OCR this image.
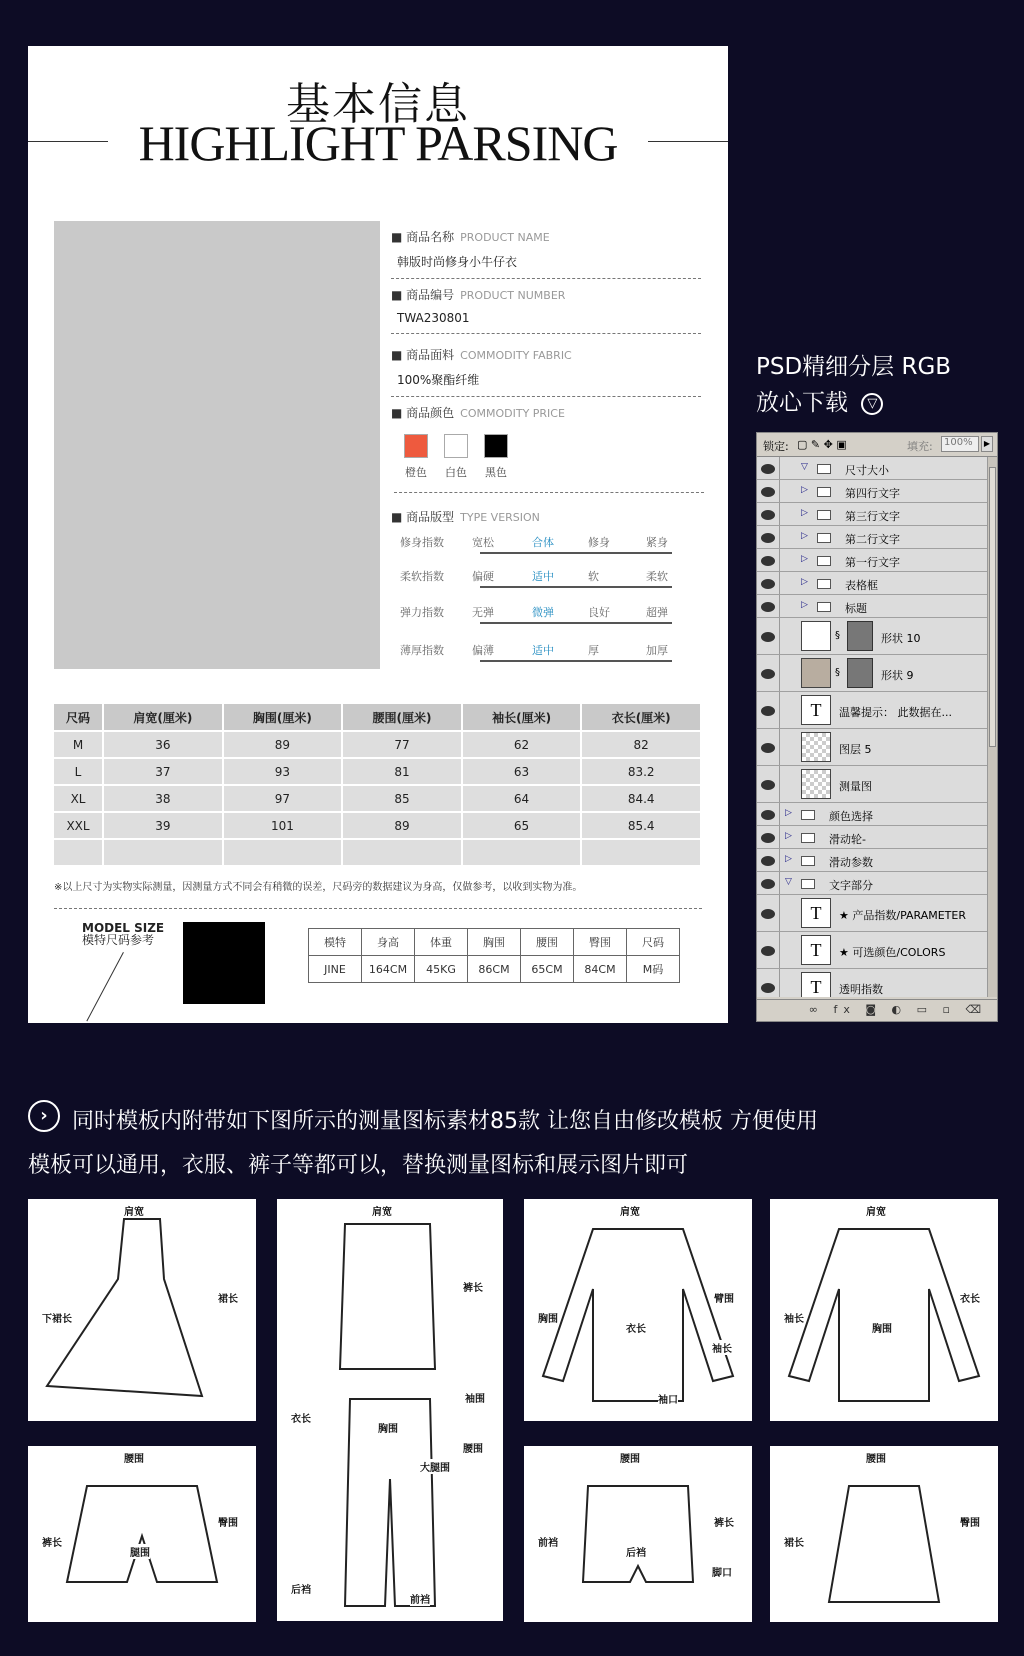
基本信息
HIGHLIGHT PARSING
■ 商品名称 PRODUCT NAME
韩版时尚修身小牛仔衣
■ 商品编号 PRODUCT NUMBER
TWA230801
■ 商品面料 COMMODITY FABRIC
100%聚酯纤维
■ 商品颜色 COMMODITY PRICE
橙色	白色	黑色
■ 商品版型 TYPE VERSION
修身指数	宽松	合体	修身	紧身
柔软指数	偏硬	适中	软	柔软
弹力指数	无弹	微弹	良好	超弹
薄厚指数	偏薄	适中	厚	加厚
尺码	肩宽(厘米)	胸围(厘米)	腰围(厘米)	袖长(厘米)	衣长(厘米)
M	36	89	77	62	82
L	37	93	81	63	83.2
XL	38	97	85	64	84.4
XXL	39	101	89	65	85.4

※以上尺寸为实物实际测量，因测量方式不同会有稍微的误差，尺码旁的数据建议为身高，仅做参考，以收到实物为准。
MODEL SIZE
模特尺码参考	模特	身高	体重	胸围	腰围	臀围	尺码
JINE	164CM	45KG	86CM	65CM	84CM	M码
PSD精细分层 RGB
放心下载 ▽
锁定: ▢ ✎ ✥ ▣	填充:	100%	▶
▽	尺寸大小
▷	第四行文字
▷	第三行文字
▷	第二行文字
▷	第一行文字
▷	表格框
▷	标题
§	形状 10
§	形状 9
T	温馨提示： 此数据在...
图层 5
测量图
▷	颜色选择
▷	滑动轮-
▷	滑动参数
▽	文字部分
T	★ 产品指数/PARAMETER
T	★ 可选颜色/COLORS
T	透明指数
∞ fx ◙ ◐ ▭ ▫ ⌫
›	同时模板内附带如下图所示的测量图标素材85款 让您自由修改模板 方便使用
模板可以通用，衣服、裤子等都可以，替换测量图标和展示图片即可
肩宽
裙长
下裙长
肩宽
袖围
衣长
胸围
腰围
前裆
后裆
裤长
大腿围
肩宽
臂围
胸围
衣长
袖长
袖口
肩宽
衣长
袖长
胸围
腰围
臀围
裤长
腿围
腰围
裤长
前裆
后裆
脚口
腰围
臀围
裙长
